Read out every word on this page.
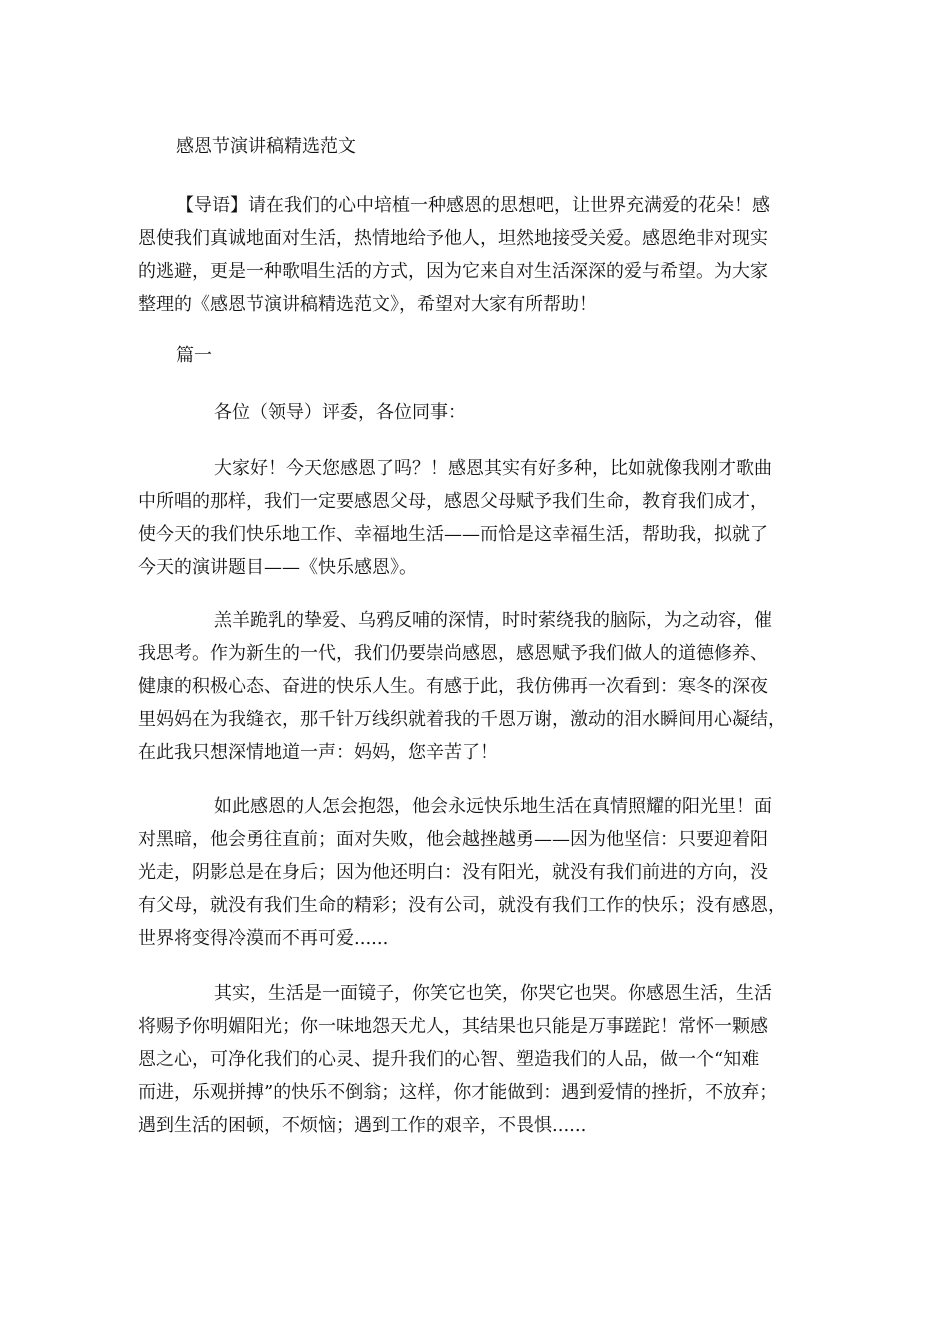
感恩节演讲稿精选范文
【导语】请在我们的心中培植一种感恩的思想吧，让世界充满爱的花朵！感
恩使我们真诚地面对生活，热情地给予他人，坦然地接受关爱。感恩绝非对现实
的逃避，更是一种歌唱生活的方式，因为它来自对生活深深的爱与希望。为大家
整理的《感恩节演讲稿精选范文》，希望对大家有所帮助！
篇一
各位（领导）评委，各位同事：
大家好！今天您感恩了吗？！感恩其实有好多种，比如就像我刚才歌曲
中所唱的那样，我们一定要感恩父母，感恩父母赋予我们生命，教育我们成才，
使今天的我们快乐地工作、幸福地生活——而恰是这幸福生活，帮助我，拟就了
今天的演讲题目——《快乐感恩》。
羔羊跪乳的挚爱、乌鸦反哺的深情，时时萦绕我的脑际，为之动容，催
我思考。作为新生的一代，我们仍要崇尚感恩，感恩赋予我们做人的道德修养、
健康的积极心态、奋进的快乐人生。有感于此，我仿佛再一次看到：寒冬的深夜
里妈妈在为我缝衣，那千针万线织就着我的千恩万谢，激动的泪水瞬间用心凝结，
在此我只想深情地道一声：妈妈，您辛苦了！
如此感恩的人怎会抱怨，他会永远快乐地生活在真情照耀的阳光里！面
对黑暗，他会勇往直前；面对失败，他会越挫越勇——因为他坚信：只要迎着阳
光走，阴影总是在身后；因为他还明白：没有阳光，就没有我们前进的方向，没
有父母，就没有我们生命的精彩；没有公司，就没有我们工作的快乐；没有感恩，
世界将变得冷漠而不再可爱......
其实，生活是一面镜子，你笑它也笑，你哭它也哭。你感恩生活，生活
将赐予你明媚阳光；你一味地怨天尤人，其结果也只能是万事蹉跎！常怀一颗感
恩之心，可净化我们的心灵、提升我们的心智、塑造我们的人品，做一个“知难
而进，乐观拼搏”的快乐不倒翁；这样，你才能做到：遇到爱情的挫折，不放弃；
遇到生活的困顿，不烦恼；遇到工作的艰辛，不畏惧......
